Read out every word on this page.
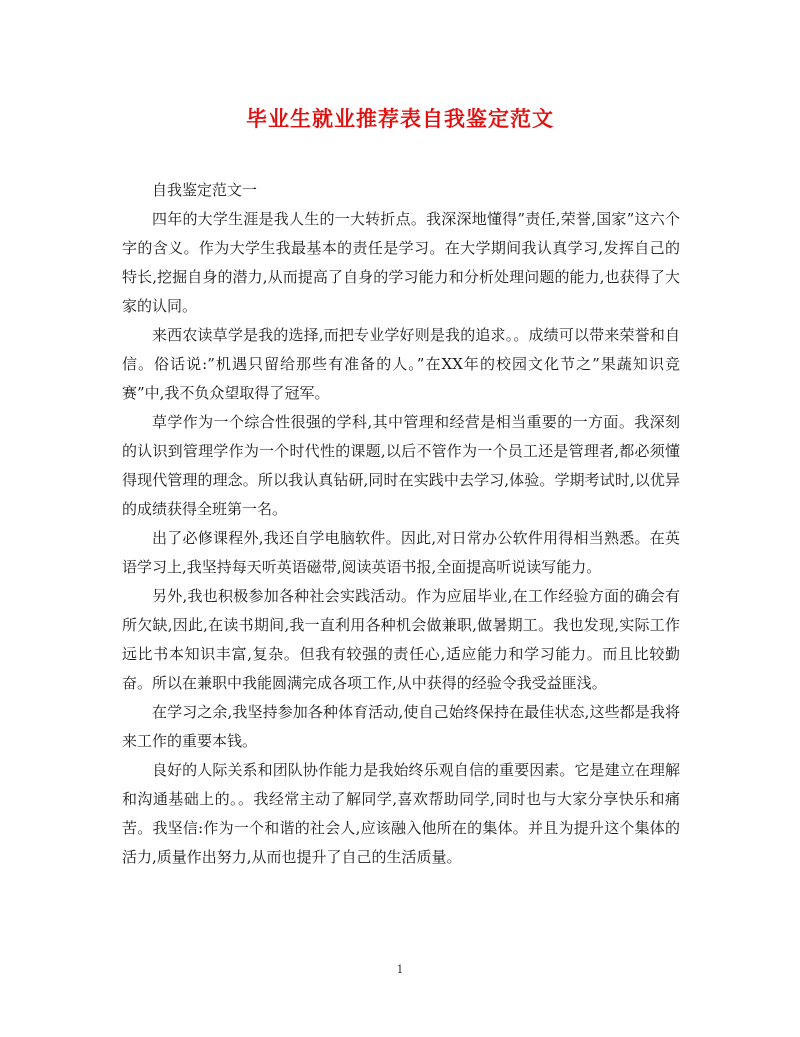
毕业生就业推荐表自我鉴定范文

自我鉴定范文一

四年的大学生涯是我人生的一大转折点。我深深地懂得”责任,荣誉,国家”这六个字的含义。作为大学生我最基本的责任是学习。在大学期间我认真学习,发挥自己的特长,挖掘自身的潜力,从而提高了自身的学习能力和分析处理问题的能力,也获得了大家的认同。

来西农读草学是我的选择,而把专业学好则是我的追求。。成绩可以带来荣誉和自信。俗话说:”机遇只留给那些有准备的人。”在XX年的校园文化节之”果蔬知识竞赛”中,我不负众望取得了冠军。

草学作为一个综合性很强的学科,其中管理和经营是相当重要的一方面。我深刻的认识到管理学作为一个时代性的课题,以后不管作为一个员工还是管理者,都必须懂得现代管理的理念。所以我认真钻研,同时在实践中去学习,体验。学期考试时,以优异的成绩获得全班第一名。

出了必修课程外,我还自学电脑软件。因此,对日常办公软件用得相当熟悉。在英语学习上,我坚持每天听英语磁带,阅读英语书报,全面提高听说读写能力。

另外,我也积极参加各种社会实践活动。作为应届毕业,在工作经验方面的确会有所欠缺,因此,在读书期间,我一直利用各种机会做兼职,做暑期工。我也发现,实际工作远比书本知识丰富,复杂。但我有较强的责任心,适应能力和学习能力。而且比较勤奋。所以在兼职中我能圆满完成各项工作,从中获得的经验令我受益匪浅。

在学习之余,我坚持参加各种体育活动,使自己始终保持在最佳状态,这些都是我将来工作的重要本钱。

良好的人际关系和团队协作能力是我始终乐观自信的重要因素。它是建立在理解和沟通基础上的。。我经常主动了解同学,喜欢帮助同学,同时也与大家分享快乐和痛苦。我坚信:作为一个和谐的社会人,应该融入他所在的集体。并且为提升这个集体的活力,质量作出努力,从而也提升了自己的生活质量。

1
